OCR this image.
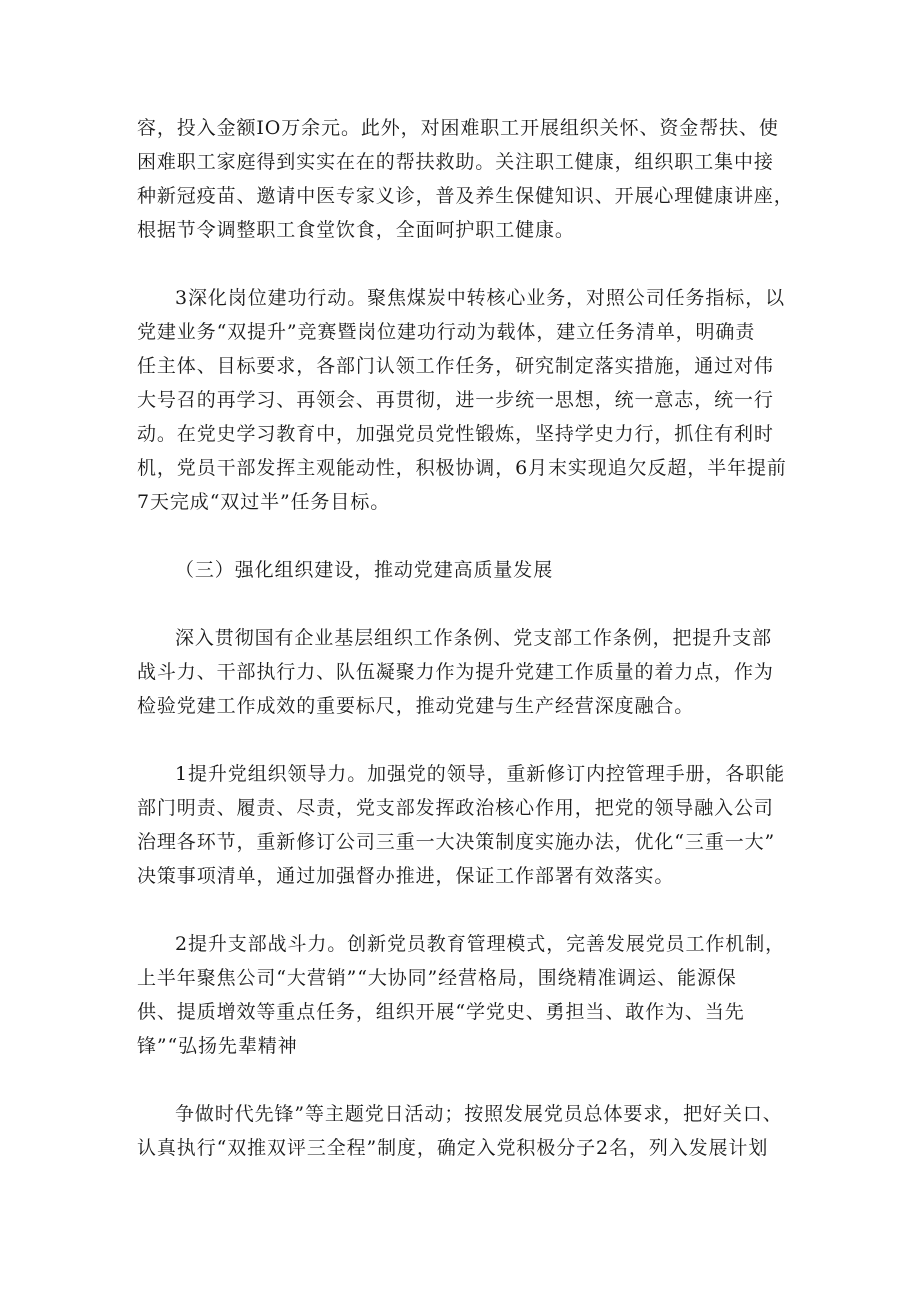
容，投入金额IO万余元。此外，对困难职工开展组织关怀、资金帮扶、使
困难职工家庭得到实实在在的帮扶救助。关注职工健康，组织职工集中接
种新冠疫苗、邀请中医专家义诊，普及养生保健知识、开展心理健康讲座，
根据节令调整职工食堂饮食，全面呵护职工健康。
3深化岗位建功行动。聚焦煤炭中转核心业务，对照公司任务指标，以
党建业务“双提升”竞赛暨岗位建功行动为载体，建立任务清单，明确责
任主体、目标要求，各部门认领工作任务，研究制定落实措施，通过对伟
大号召的再学习、再领会、再贯彻，进一步统一思想，统一意志，统一行
动。在党史学习教育中，加强党员党性锻炼，坚持学史力行，抓住有利时
机，党员干部发挥主观能动性，积极协调，6月末实现追欠反超，半年提前
7天完成“双过半”任务目标。
（三）强化组织建设，推动党建高质量发展
深入贯彻国有企业基层组织工作条例、党支部工作条例，把提升支部
战斗力、干部执行力、队伍凝聚力作为提升党建工作质量的着力点，作为
检验党建工作成效的重要标尺，推动党建与生产经营深度融合。
1提升党组织领导力。加强党的领导，重新修订内控管理手册，各职能
部门明责、履责、尽责，党支部发挥政治核心作用，把党的领导融入公司
治理各环节，重新修订公司三重一大决策制度实施办法，优化“三重一大”
决策事项清单，通过加强督办推进，保证工作部署有效落实。
2提升支部战斗力。创新党员教育管理模式，完善发展党员工作机制，
上半年聚焦公司“大营销”“大协同”经营格局，围绕精准调运、能源保
供、提质增效等重点任务，组织开展“学党史、勇担当、敢作为、当先
锋”“弘扬先辈精神
争做时代先锋”等主题党日活动；按照发展党员总体要求，把好关口、
认真执行“双推双评三全程”制度，确定入党积极分子2名，列入发展计划
